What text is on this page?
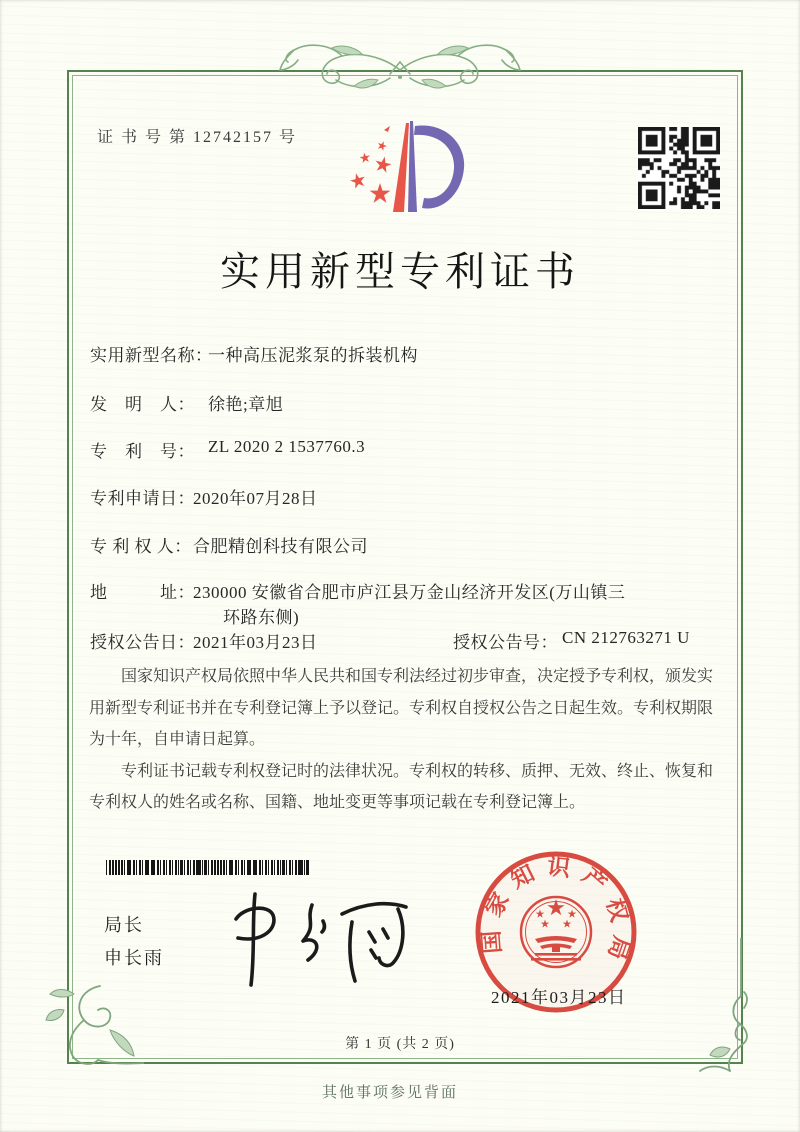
证 书 号 第 12742157 号
实用新型专利证书
实用新型名称：
一种高压泥浆泵的拆装机构
发　明　人： 徐艳;章旭
专　利　号： ZL 2020 2 1537760.3
专利申请日：
2020年07月28日
专 利 权 人： 合肥精创科技有限公司
地　　　址：
230000 安徽省合肥市庐江县万金山经济开发区(万山镇三
环路东侧)
授权公告日：
2021年03月23日	授权公告号： CN 212763271 U

国家知识产权局依照中华人民共和国专利法经过初步审查，决定授予专利权，颁发实用新型专利证书并在专利登记簿上予以登记。专利权自授权公告之日起生效。专利权期限为十年，自申请日起算。

专利证书记载专利权登记时的法律状况。专利权的转移、质押、无效、终止、恢复和专利权人的姓名或名称、国籍、地址变更等事项记载在专利登记簿上。

局长
申长雨
国家知识产权局
2021年03月23日
第 1 页 (共 2 页)
其他事项参见背面
